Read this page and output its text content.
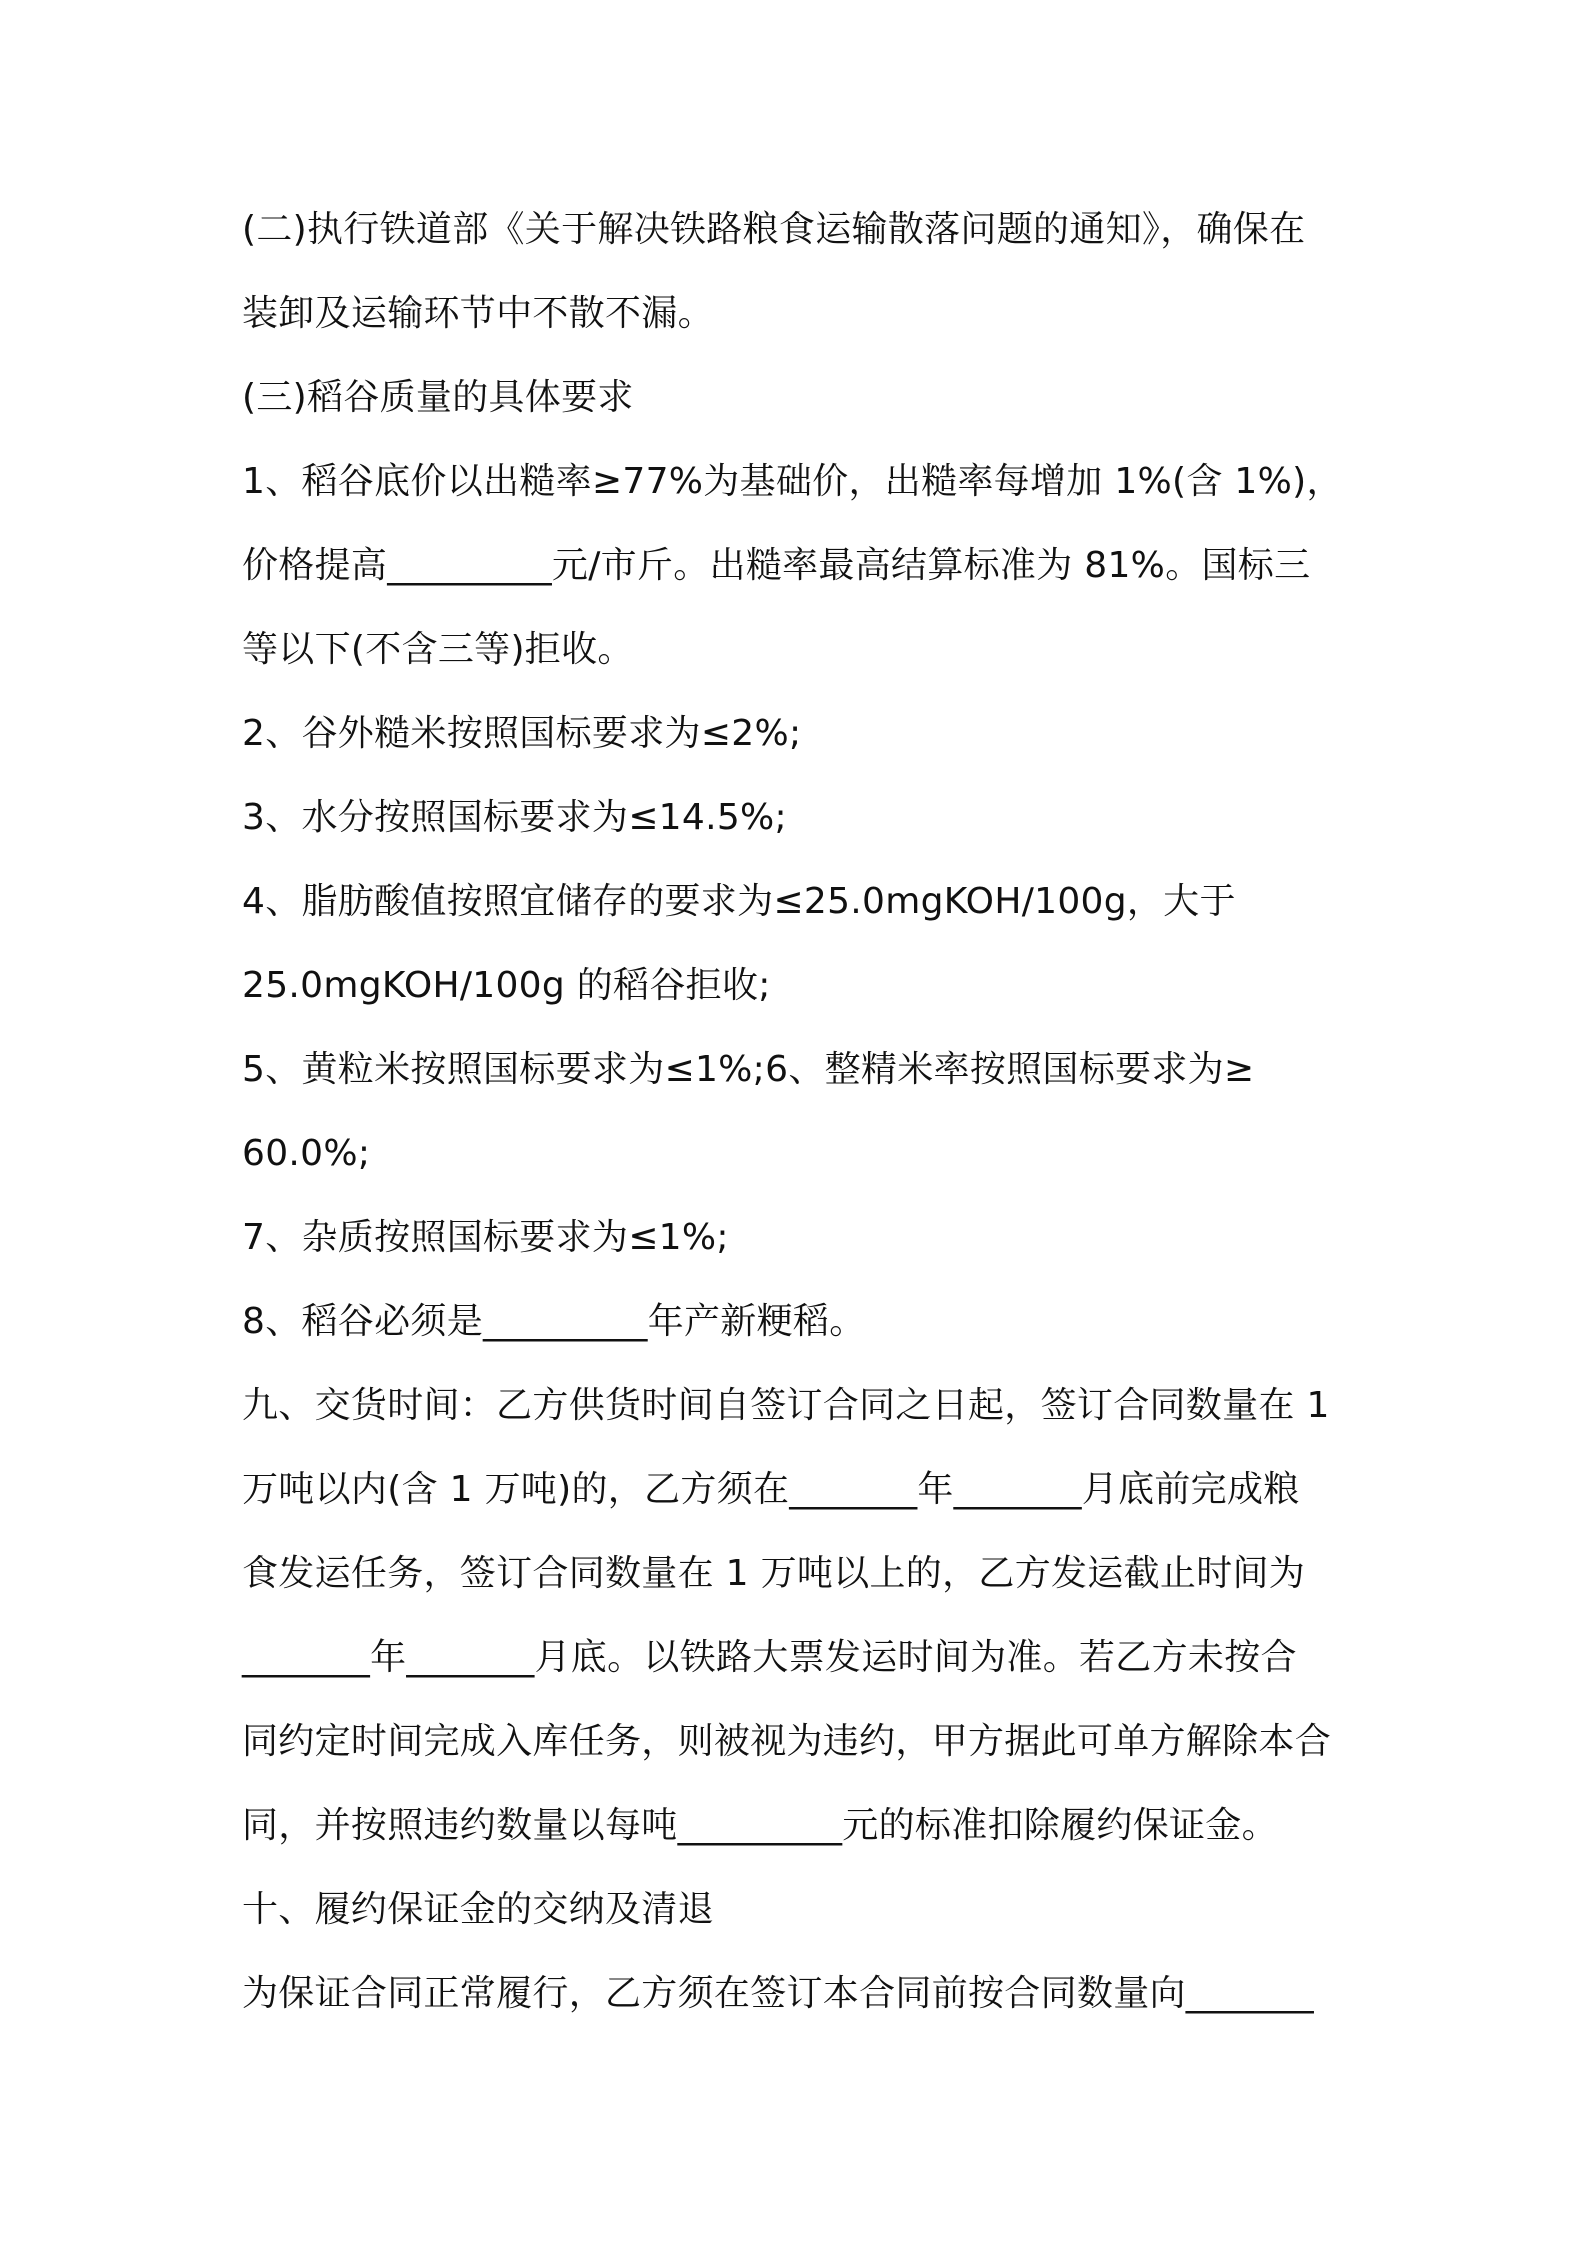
(二)执行铁道部《关于解决铁路粮食运输散落问题的通知》，确保在
装卸及运输环节中不散不漏。
(三)稻谷质量的具体要求
1、稻谷底价以出糙率≥77%为基础价，出糙率每增加 1%(含 1%)，
价格提高_________元/市斤。出糙率最高结算标准为 81%。国标三
等以下(不含三等)拒收。
2、谷外糙米按照国标要求为≤2%;
3、水分按照国标要求为≤14.5%;
4、脂肪酸值按照宜储存的要求为≤25.0mgKOH/100g，大于
25.0mgKOH/100g 的稻谷拒收;
5、黄粒米按照国标要求为≤1%;6、整精米率按照国标要求为≥
60.0%;
7、杂质按照国标要求为≤1%;
8、稻谷必须是_________年产新粳稻。
九、交货时间：乙方供货时间自签订合同之日起，签订合同数量在 1
万吨以内(含 1 万吨)的，乙方须在_______年_______月底前完成粮
食发运任务，签订合同数量在 1 万吨以上的，乙方发运截止时间为
_______年_______月底。以铁路大票发运时间为准。若乙方未按合
同约定时间完成入库任务，则被视为违约，甲方据此可单方解除本合
同，并按照违约数量以每吨_________元的标准扣除履约保证金。
十、履约保证金的交纳及清退
为保证合同正常履行，乙方须在签订本合同前按合同数量向_______
